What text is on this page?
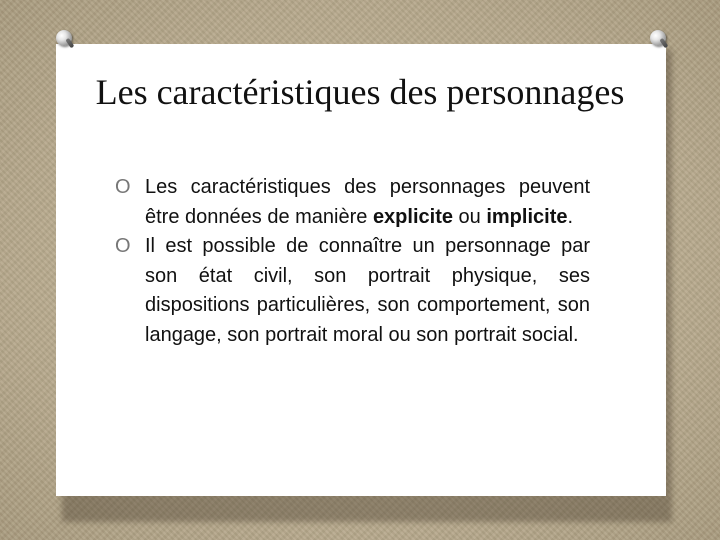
Les caractéristiques des personnages
O Les caractéristiques des personnages peuvent être données de manière explicite ou implicite.
O Il est possible de connaître un personnage par son état civil, son portrait physique, ses dispositions particulières, son comportement, son langage, son portrait moral ou son portrait social.
